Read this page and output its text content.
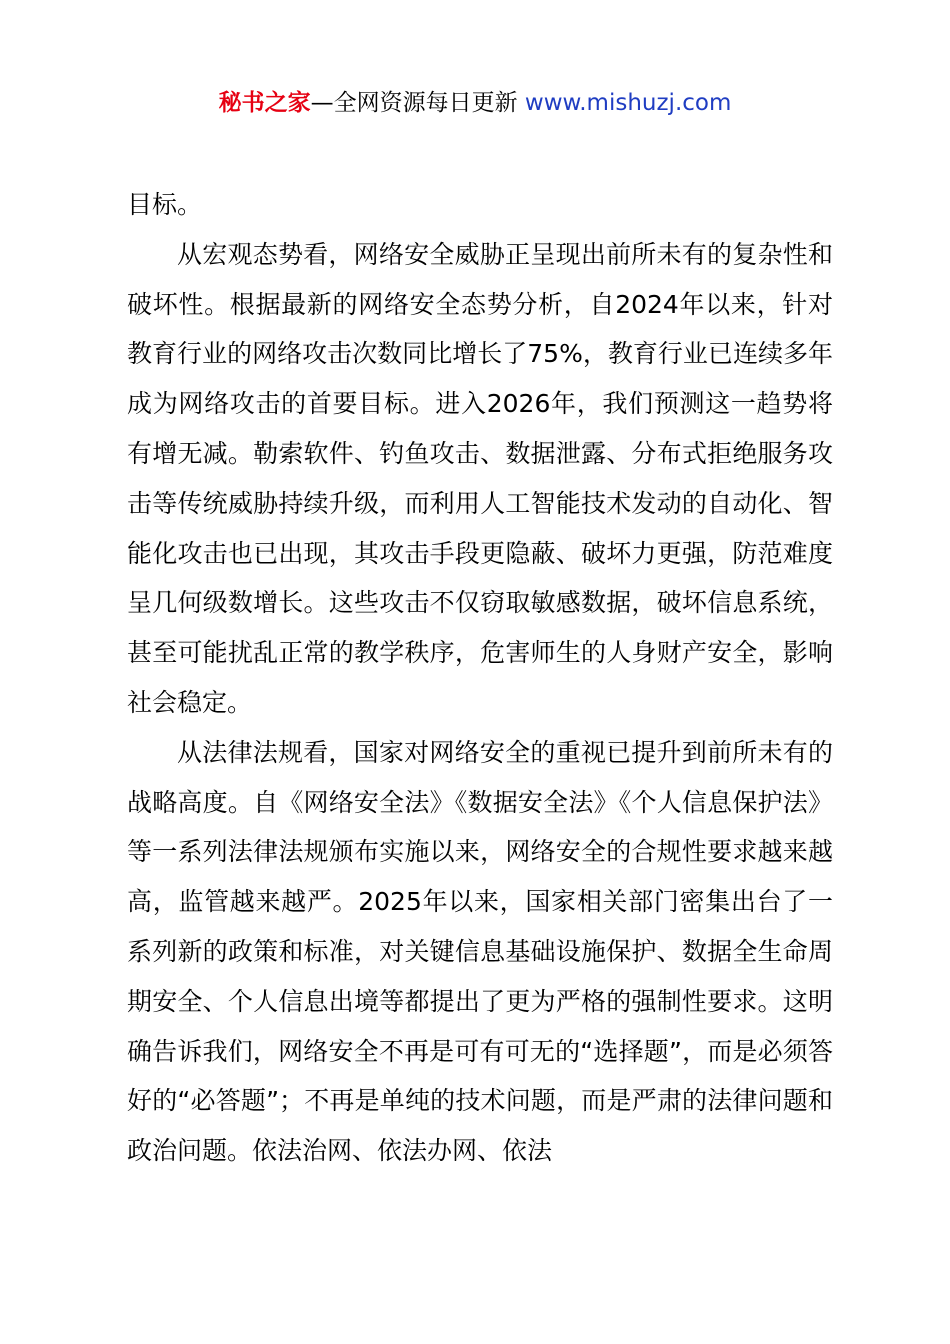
秘书之家—全网资源每日更新 www.mishuzj.com

目标。

从宏观态势看，网络安全威胁正呈现出前所未有的复杂性和破坏性。根据最新的网络安全态势分析，自2024年以来，针对教育行业的网络攻击次数同比增长了75%，教育行业已连续多年成为网络攻击的首要目标。进入2026年，我们预测这一趋势将有增无减。勒索软件、钓鱼攻击、数据泄露、分布式拒绝服务攻击等传统威胁持续升级，而利用人工智能技术发动的自动化、智能化攻击也已出现，其攻击手段更隐蔽、破坏力更强，防范难度呈几何级数增长。这些攻击不仅窃取敏感数据，破坏信息系统，甚至可能扰乱正常的教学秩序，危害师生的人身财产安全，影响社会稳定。

从法律法规看，国家对网络安全的重视已提升到前所未有的战略高度。自《网络安全法》《数据安全法》《个人信息保护法》等一系列法律法规颁布实施以来，网络安全的合规性要求越来越高，监管越来越严。2025年以来，国家相关部门密集出台了一系列新的政策和标准，对关键信息基础设施保护、数据全生命周期安全、个人信息出境等都提出了更为严格的强制性要求。这明确告诉我们，网络安全不再是可有可无的“选择题”，而是必须答好的“必答题”；不再是单纯的技术问题，而是严肃的法律问题和政治问题。依法治网、依法办网、依法
